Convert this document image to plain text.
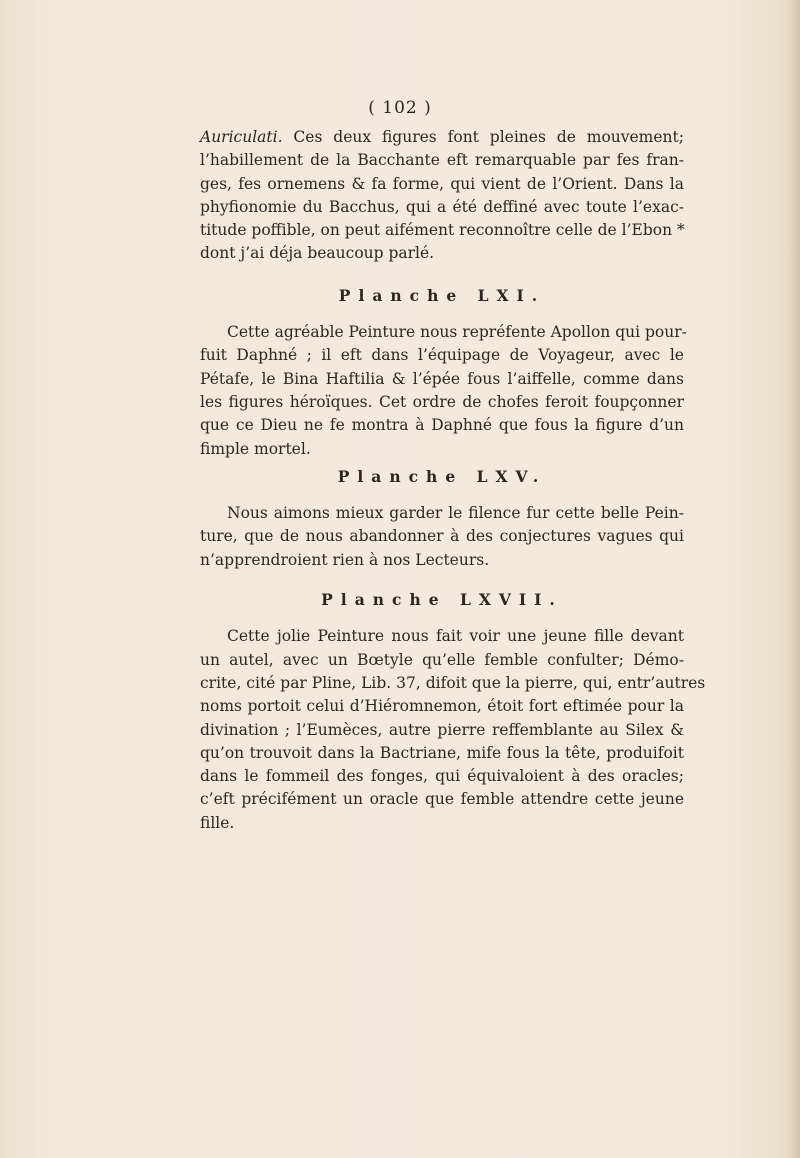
( 102 )
Auriculati. Ces deux figures font pleines de mouvement;
l’habillement de la Bacchante eft remarquable par fes fran-
ges, fes ornemens & fa forme, qui vient de l’Orient. Dans la
phyfionomie du Bacchus, qui a été deffiné avec toute l’exac-
titude poffible, on peut aifément reconnoître celle de l’Ebon *
dont j’ai déja beaucoup parlé.
Planche LXI.
Cette agréable Peinture nous repréfente Apollon qui pour-
fuit Daphné ; il eft dans l’équipage de Voyageur, avec le
Pétafe, le Bina Haftilia & l’épée fous l’aiffelle, comme dans
les figures héroïques. Cet ordre de chofes feroit foupçonner
que ce Dieu ne fe montra à Daphné que fous la figure d’un
fimple mortel.
Planche LXV.
Nous aimons mieux garder le filence fur cette belle Pein-
ture, que de nous abandonner à des conjectures vagues qui
n’apprendroient rien à nos Lecteurs.
Planche LXVII.
Cette jolie Peinture nous fait voir une jeune fille devant
un autel, avec un Bœtyle qu’elle femble confulter; Démo-
crite, cité par Pline, Lib. 37, difoit que la pierre, qui, entr’autres
noms portoit celui d’Hiéromnemon, étoit fort eftimée pour la
divination ; l’Eumèces, autre pierre reffemblante au Silex &
qu’on trouvoit dans la Bactriane, mife fous la tête, produifoit
dans le fommeil des fonges, qui équivaloient à des oracles;
c’eft précifément un oracle que femble attendre cette jeune
fille.
